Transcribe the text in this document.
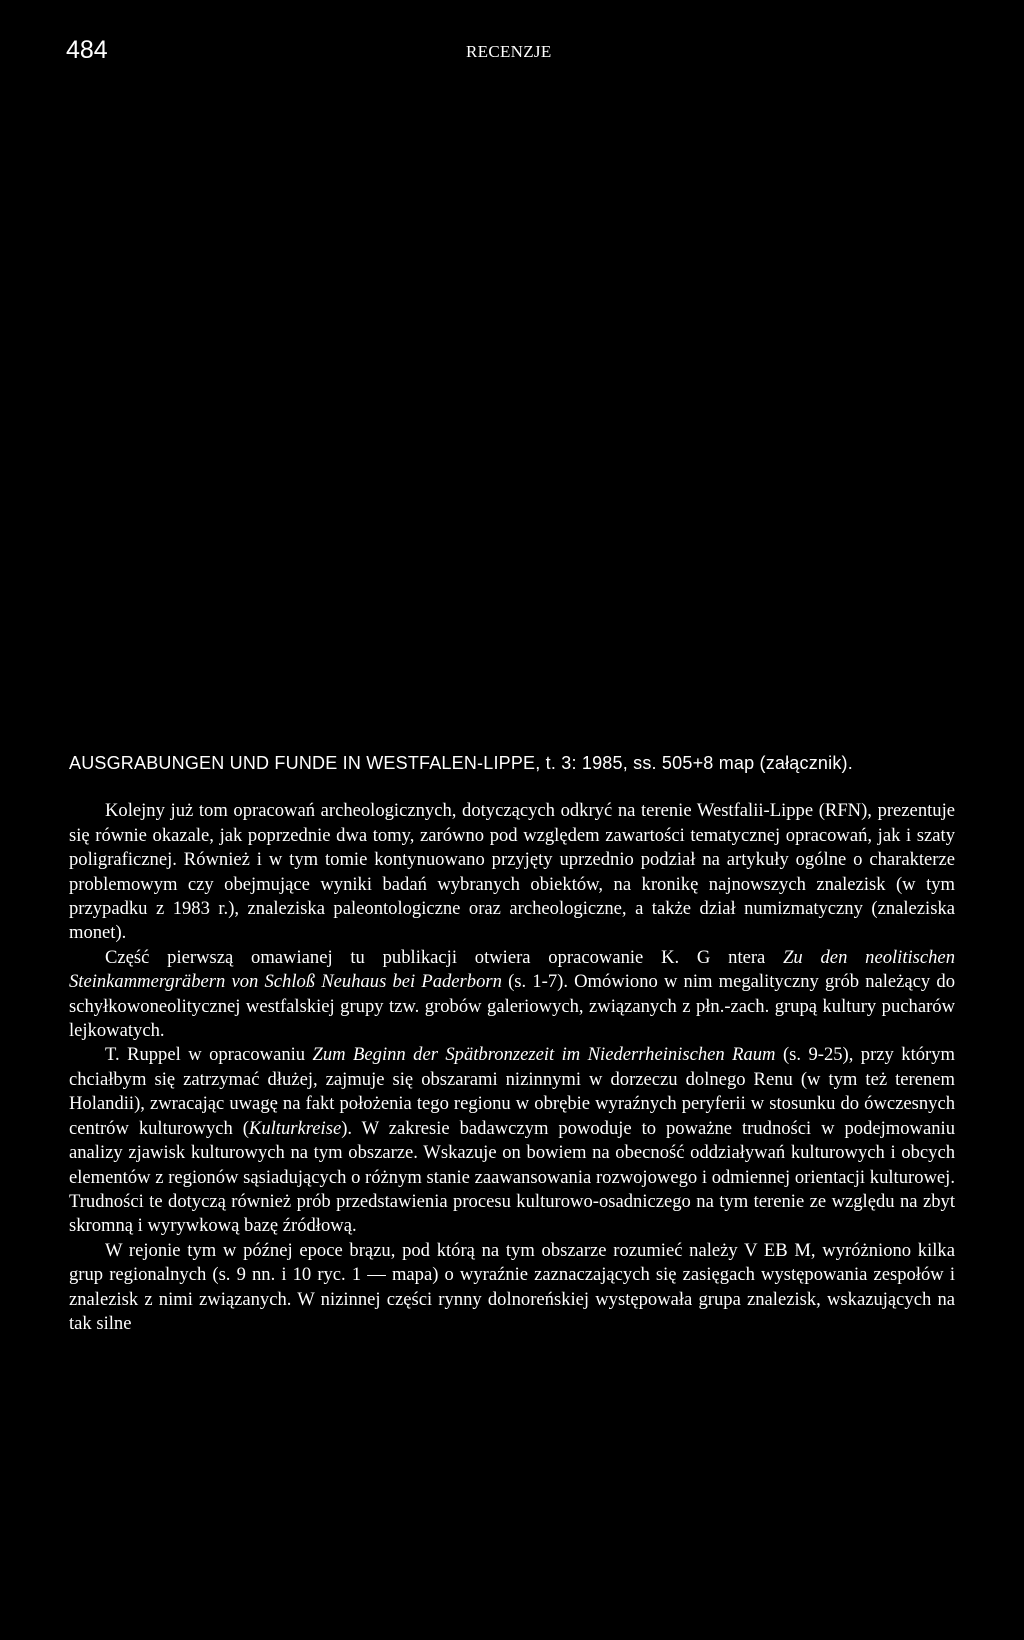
484	RECENZJE

AUSGRABUNGEN UND FUNDE IN WESTFALEN-LIPPE, t. 3: 1985, ss. 505+8 map (załącznik).

Kolejny już tom opracowań archeologicznych, dotyczących odkryć na terenie Westfalii-Lippe (RFN), prezentuje się równie okazale, jak poprzednie dwa tomy, zarówno pod względem zawartości tematycznej opracowań, jak i szaty poligraficznej. Również i w tym tomie kontynuowano przyjęty uprzednio podział na artykuły ogólne o charakterze problemowym czy obejmujące wyniki badań wybranych obiektów, na kronikę najnowszych znalezisk (w tym przypadku z 1983 r.), znaleziska paleontologiczne oraz archeologiczne, a także dział numizmatyczny (znaleziska monet).

Część pierwszą omawianej tu publikacji otwiera opracowanie K. G ntera Zu den neolitischen Steinkammergräbern von Schloß Neuhaus bei Paderborn (s. 1-7). Omówiono w nim megalityczny grób należący do schyłkowoneolitycznej westfalskiej grupy tzw. grobów galeriowych, związanych z płn.-zach. grupą kultury pucharów lejkowatych.

T. Ruppel w opracowaniu Zum Beginn der Spätbronzezeit im Niederrheinischen Raum (s. 9-25), przy którym chciałbym się zatrzymać dłużej, zajmuje się obszarami nizinnymi w dorzeczu dolnego Renu (w tym też terenem Holandii), zwracając uwagę na fakt położenia tego regionu w obrębie wyraźnych peryferii w stosunku do ówczesnych centrów kulturowych (Kulturkreise). W zakresie badawczym powoduje to poważne trudności w podejmowaniu analizy zjawisk kulturowych na tym obszarze. Wskazuje on bowiem na obecność oddziaływań kulturowych i obcych elementów z regionów sąsiadujących o różnym stanie zaawansowania rozwojowego i odmiennej orientacji kulturowej. Trudności te dotyczą również prób przedstawienia procesu kulturowo-osadniczego na tym terenie ze względu na zbyt skromną i wyrywkową bazę źródłową.

W rejonie tym w późnej epoce brązu, pod którą na tym obszarze rozumieć należy V EB M, wyróżniono kilka grup regionalnych (s. 9 nn. i 10 ryc. 1 — mapa) o wyraźnie zaznaczających się zasięgach występowania zespołów i znalezisk z nimi związanych. W nizinnej części rynny dolnoreńskiej występowała grupa znalezisk, wskazujących na tak silne
